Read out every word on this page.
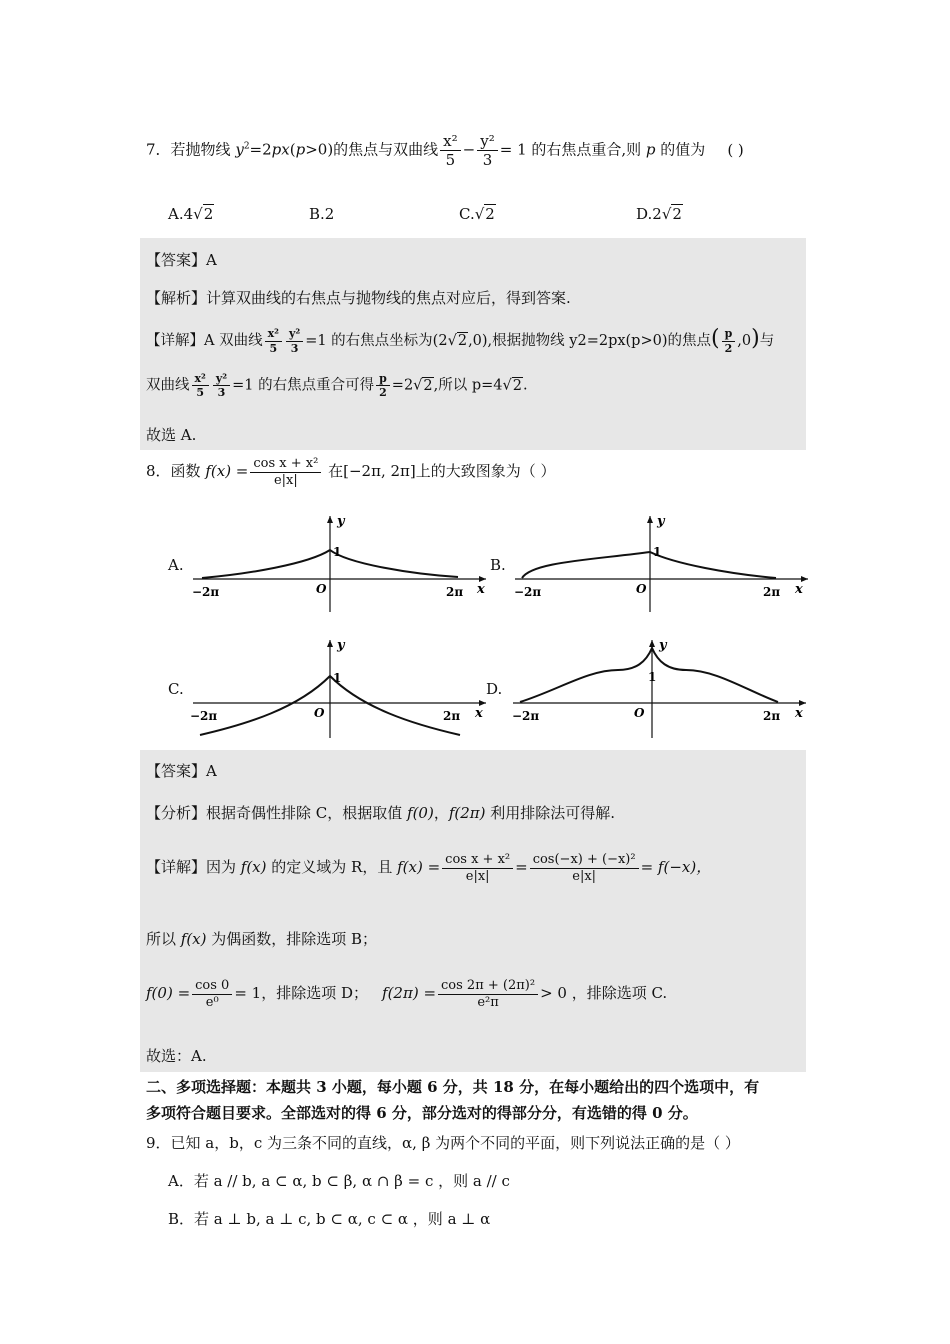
7．若抛物线 $y^2=2px(p>0)$的焦点与双曲线 $\frac{\text{x²}}{5} - \frac{\text{y²}}{3} = 1$ 的右焦点重合,则 p 的值为 ( )
A.4√2	B.2	C.√2	D.2√2
【答案】A
【解析】计算双曲线的右焦点与抛物线的焦点对应后，得到答案.
【详解】A 双曲线 $\frac{\text{x²}}{5} \frac{\text{y²}}{3} =1$ 的右焦点坐标为(2√2,0),根据抛物线 y2=2px(p>0)的焦点( $\frac{p}{2} ,0$)与
双曲线 $\frac{\text{x²}}{5} \frac{\text{y²}}{3} =1$ 的右焦点重合可得 $\frac{p}{2} =2√2$,所以 p=4√2.
故选 A.
8．函数 $f(x) = \frac{\text{cos x + x²}}{e|x|}$ 在[−2π, 2π]上的大致图象为（ ）
A.
y
1
−2π	O	2π x
B.
y
1
−2π	O	2π x
C.
y
1
−2π	O	2π x
D.
y
1
−2π	O	2π x
【答案】A
【分析】根据奇偶性排除 C，根据取值 f(0)，f(2π) 利用排除法可得解.
【详解】因为 f(x) 的定义域为 R，且 $f(x) = \frac{\text{cos x + x²}}{e|x|} = \frac{\text{cos(−x) + (−x)²}}{e|x|} = f(-x)$，
所以 f(x) 为偶函数，排除选项 B；
$f(0) = \frac{\cos 0}{\text{e⁰}} = 1$，排除选项 D； $f(2\pi) = \frac{\text{cos 2π + (2π)²}}{\text{e²π}} > 0$ ，排除选项 C.
故选：A.
二、多项选择题：本题共 3 小题，每小题 6 分，共 18 分，在每小题给出的四个选项中，有
多项符合题目要求。全部选对的得 6 分，部分选对的得部分分，有选错的得 0 分。
9．已知 a，b，c 为三条不同的直线，α, β 为两个不同的平面，则下列说法正确的是（ ）
A．若 a // b, a ⊂ α, b ⊂ β, α ∩ β = c ，则 a // c
B．若 a ⊥ b, a ⊥ c, b ⊂ α, c ⊂ α ，则 a ⊥ α
